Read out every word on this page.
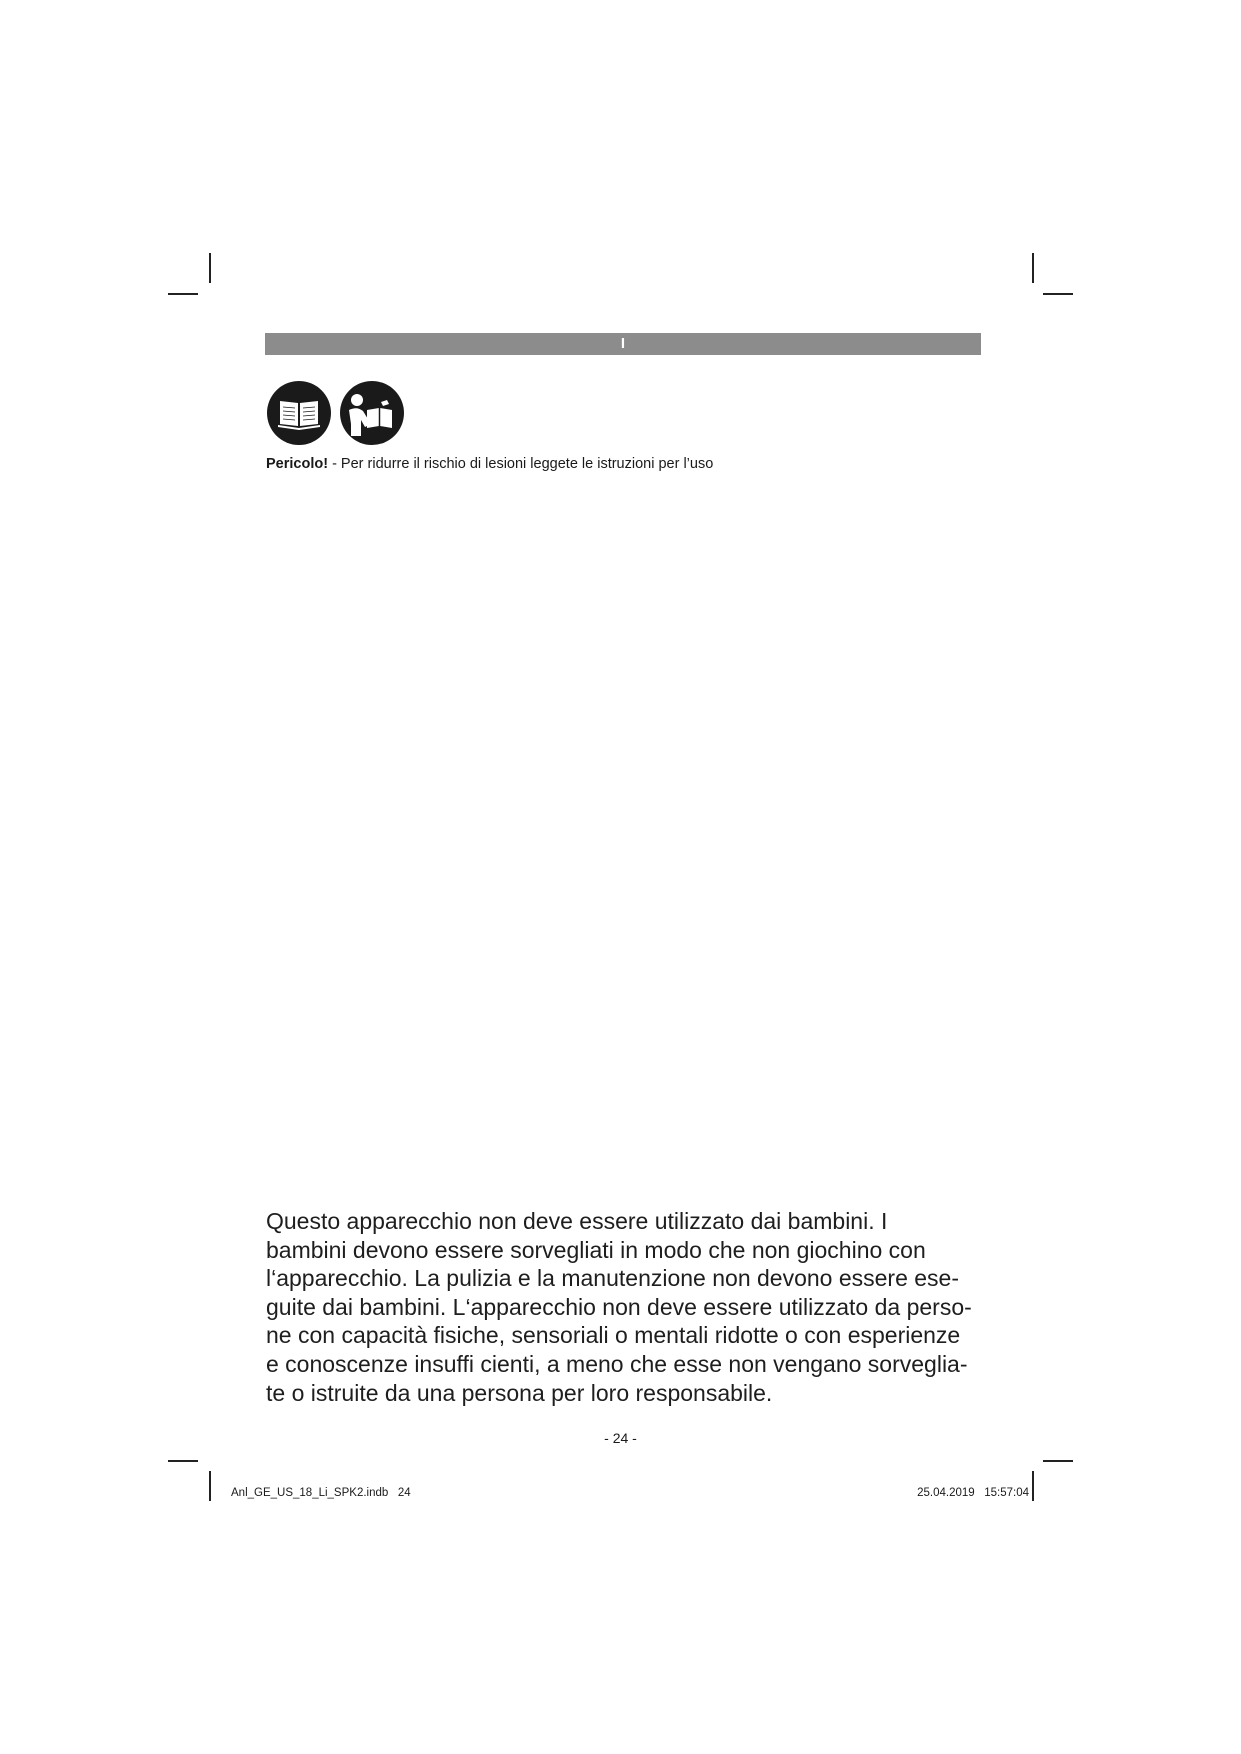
I
Pericolo! - Per ridurre il rischio di lesioni leggete le istruzioni per l’uso
Questo apparecchio non deve essere utilizzato dai bambini. I
bambini devono essere sorvegliati in modo che non giochino con
l‘apparecchio. La pulizia e la manutenzione non devono essere ese-
guite dai bambini. L‘apparecchio non deve essere utilizzato da perso-
ne con capacità fisiche, sensoriali o mentali ridotte o con esperienze
e conoscenze insuffi cienti, a meno che esse non vengano sorveglia-
te o istruite da una persona per loro responsabile.
- 24 -
Anl_GE_US_18_Li_SPK2.indb   24	25.04.2019   15:57:04
